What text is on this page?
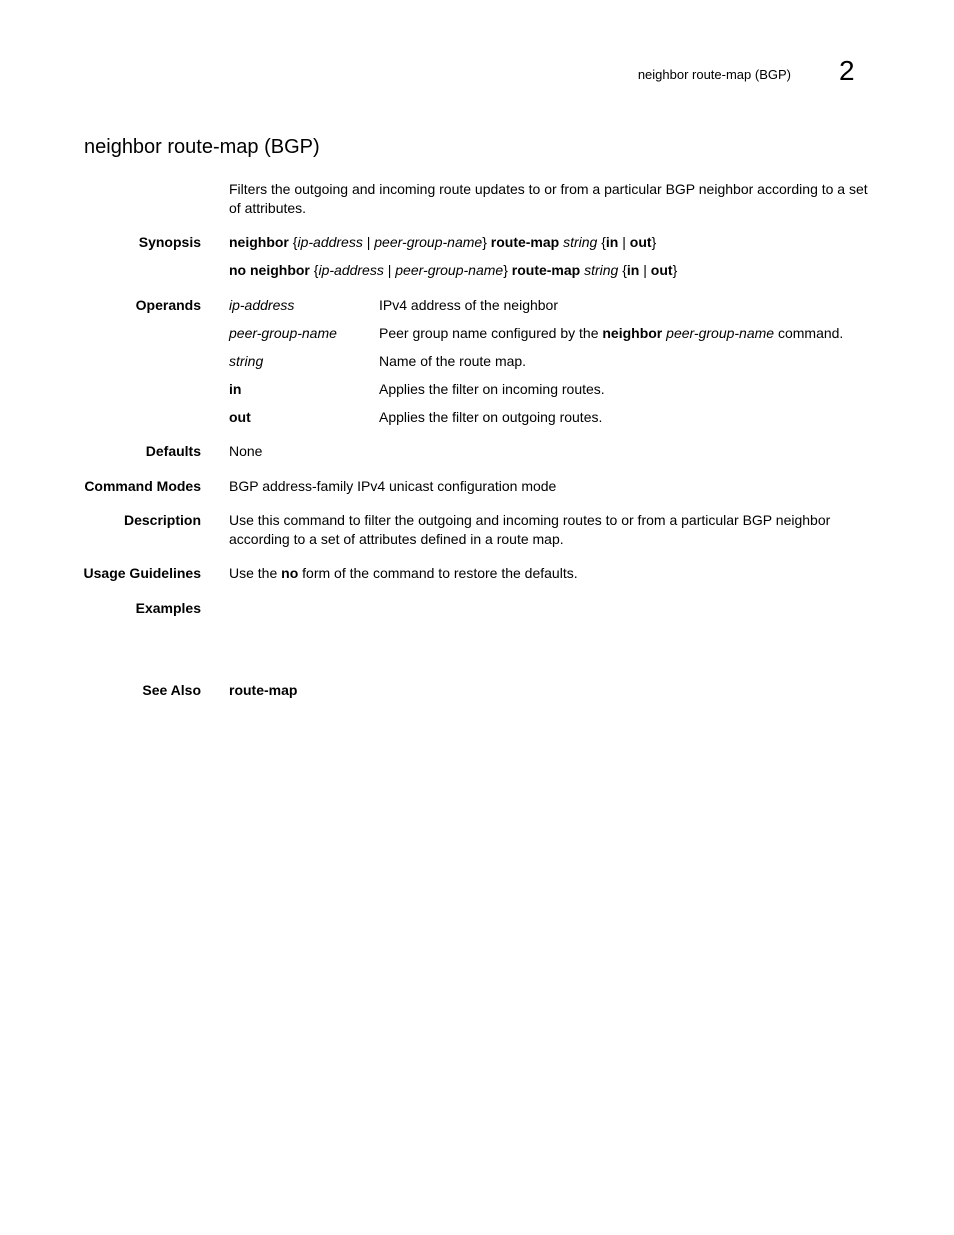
neighbor route-map (BGP) 2
neighbor route-map (BGP)

Filters the outgoing and incoming route updates to or from a particular BGP neighbor according to a set of attributes.

Synopsis neighbor {ip-address | peer-group-name} route-map string {in | out}
no neighbor {ip-address | peer-group-name} route-map string {in | out}
Operands ip-address	IPv4 address of the neighbor
peer-group-name	Peer group name configured by the neighbor peer-group-name command.
string	Name of the route map.
in	Applies the filter on incoming routes.
out	Applies the filter on outgoing routes.
Defaults None

Command Modes BGP address-family IPv4 unicast configuration mode

Description Use this command to filter the outgoing and incoming routes to or from a particular BGP neighbor according to a set of attributes defined in a route map.

Usage Guidelines Use the no form of the command to restore the defaults.

Examples
See Also route-map
